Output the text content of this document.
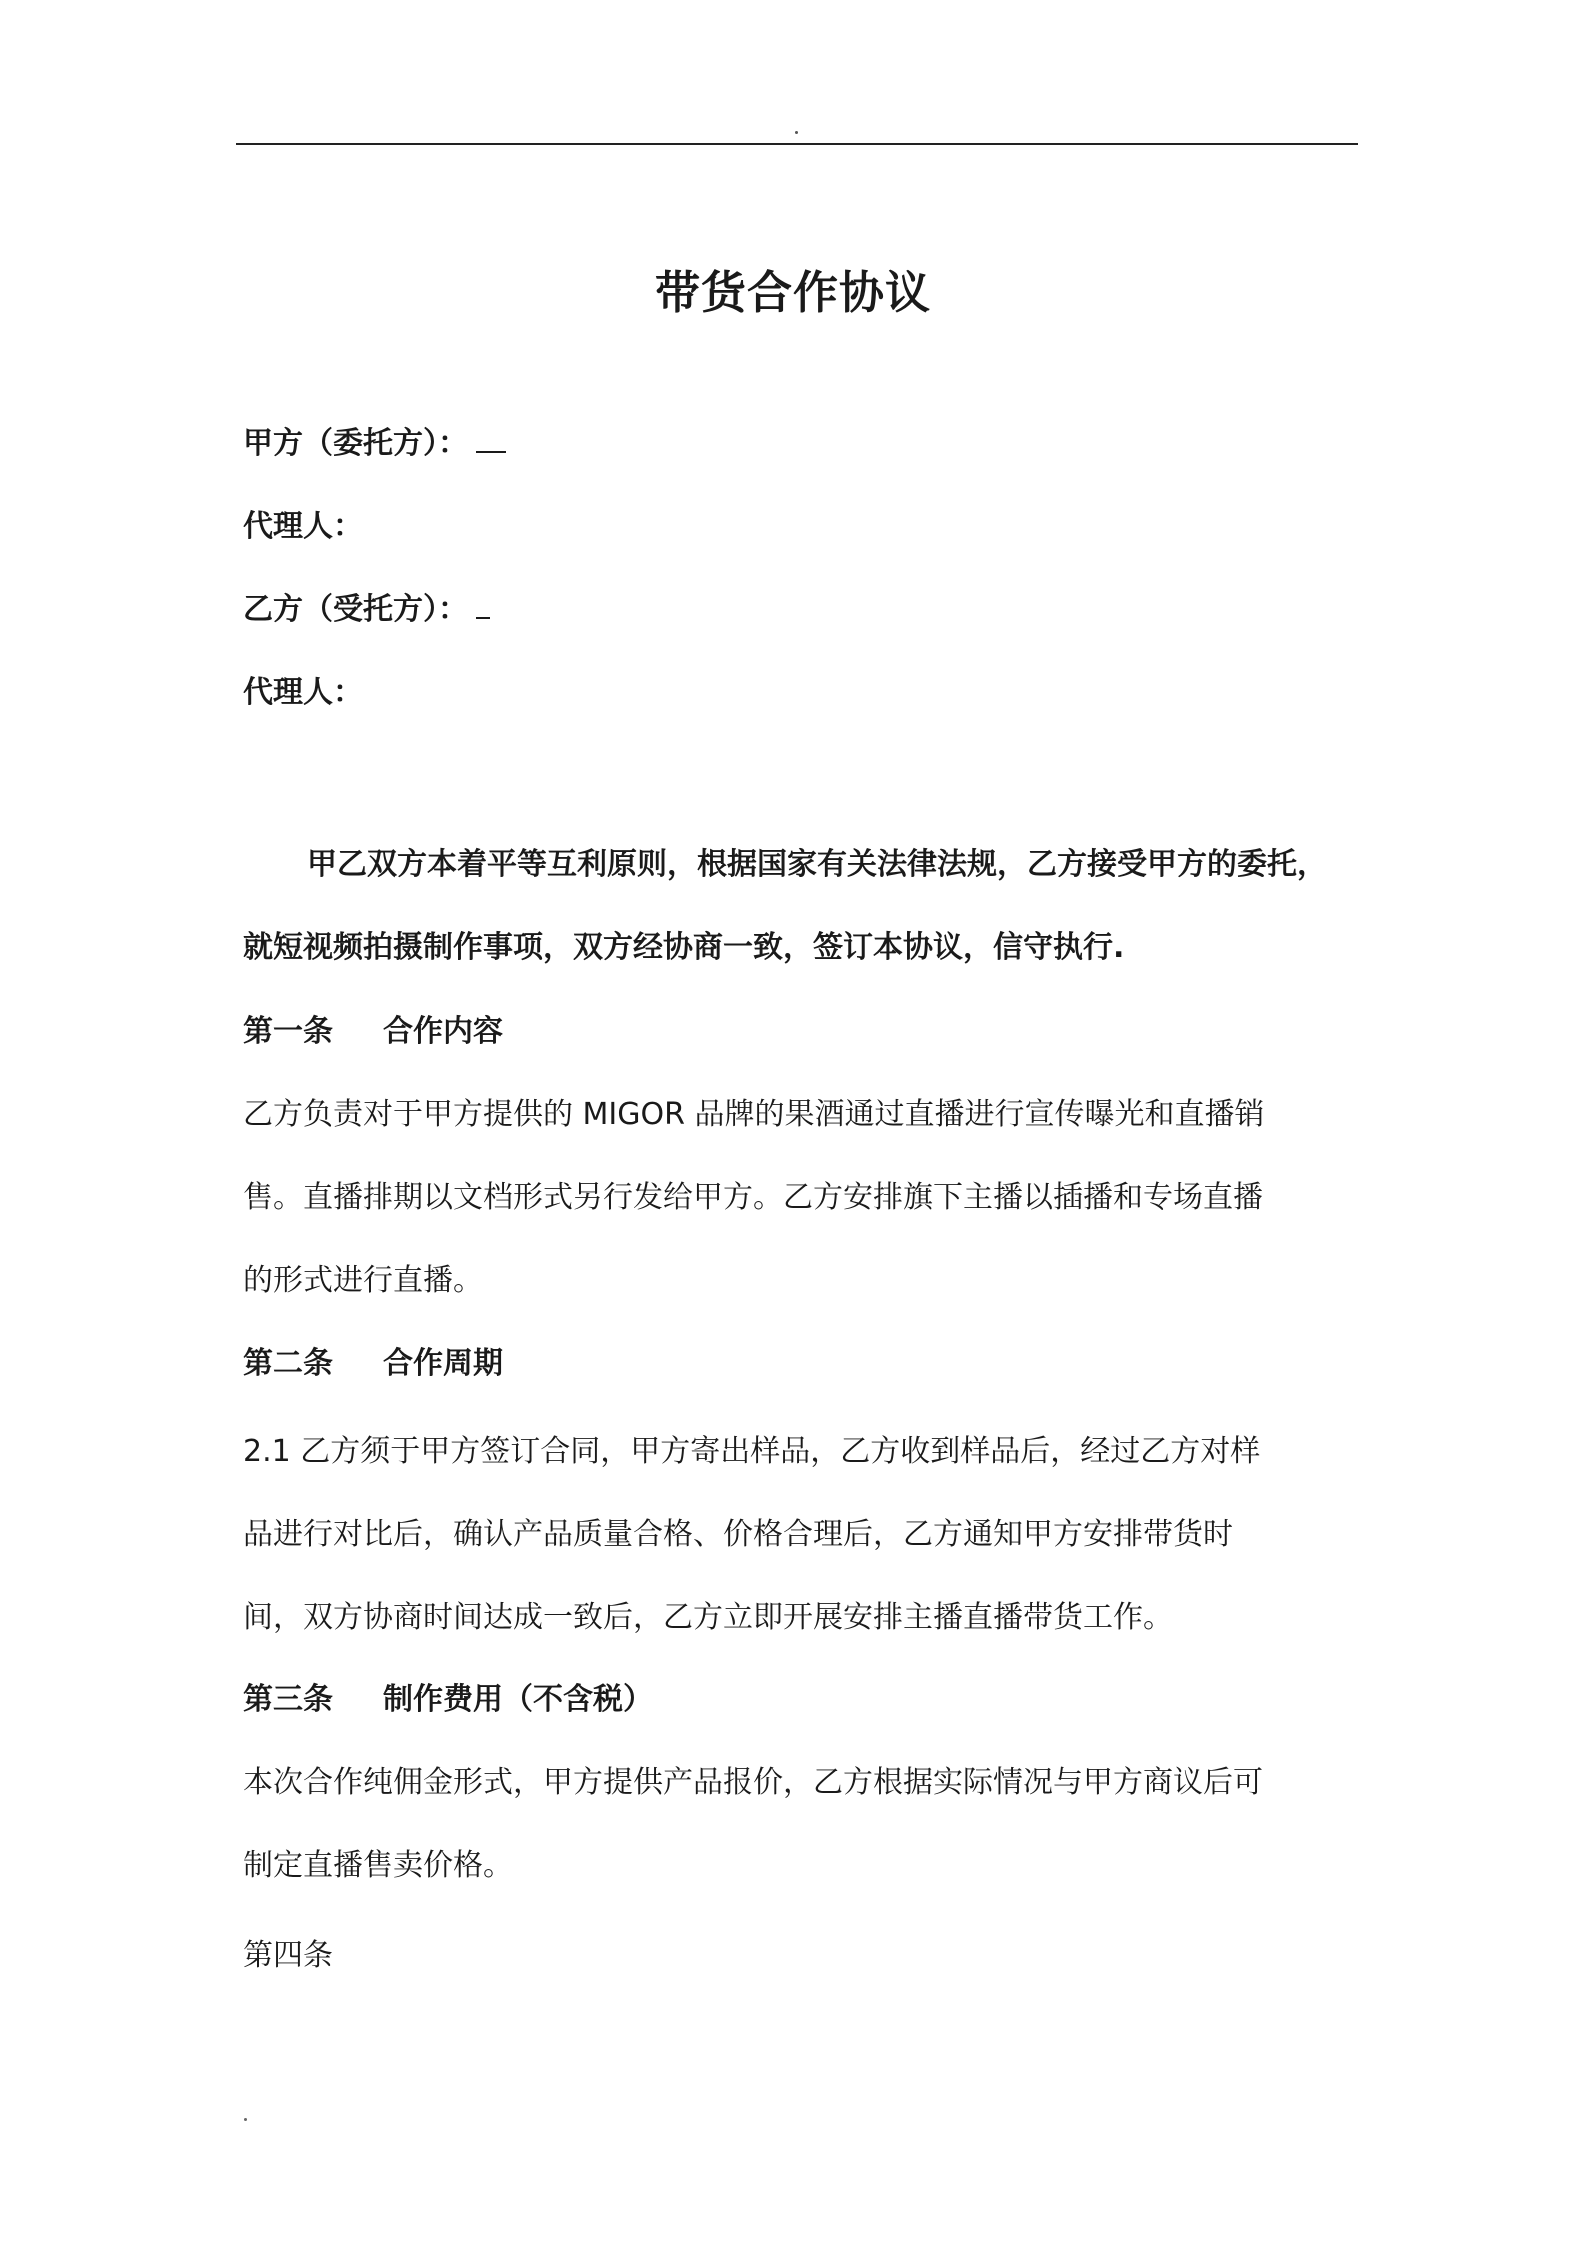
带货合作协议
甲方（委托方）：
代理人：
乙方（受托方）：
代理人：
甲乙双方本着平等互利原则，根据国家有关法律法规，乙方接受甲方的委托，
就短视频拍摄制作事项，双方经协商一致，签订本协议，信守执行.
第一条 合作内容
乙方负责对于甲方提供的 MIGOR 品牌的果酒通过直播进行宣传曝光和直播销
售。直播排期以文档形式另行发给甲方。乙方安排旗下主播以插播和专场直播
的形式进行直播。
第二条 合作周期
2.1 乙方须于甲方签订合同，甲方寄出样品，乙方收到样品后，经过乙方对样
品进行对比后，确认产品质量合格、价格合理后，乙方通知甲方安排带货时
间，双方协商时间达成一致后，乙方立即开展安排主播直播带货工作。
第三条 制作费用（不含税）
本次合作纯佣金形式，甲方提供产品报价，乙方根据实际情况与甲方商议后可
制定直播售卖价格。
第四条
